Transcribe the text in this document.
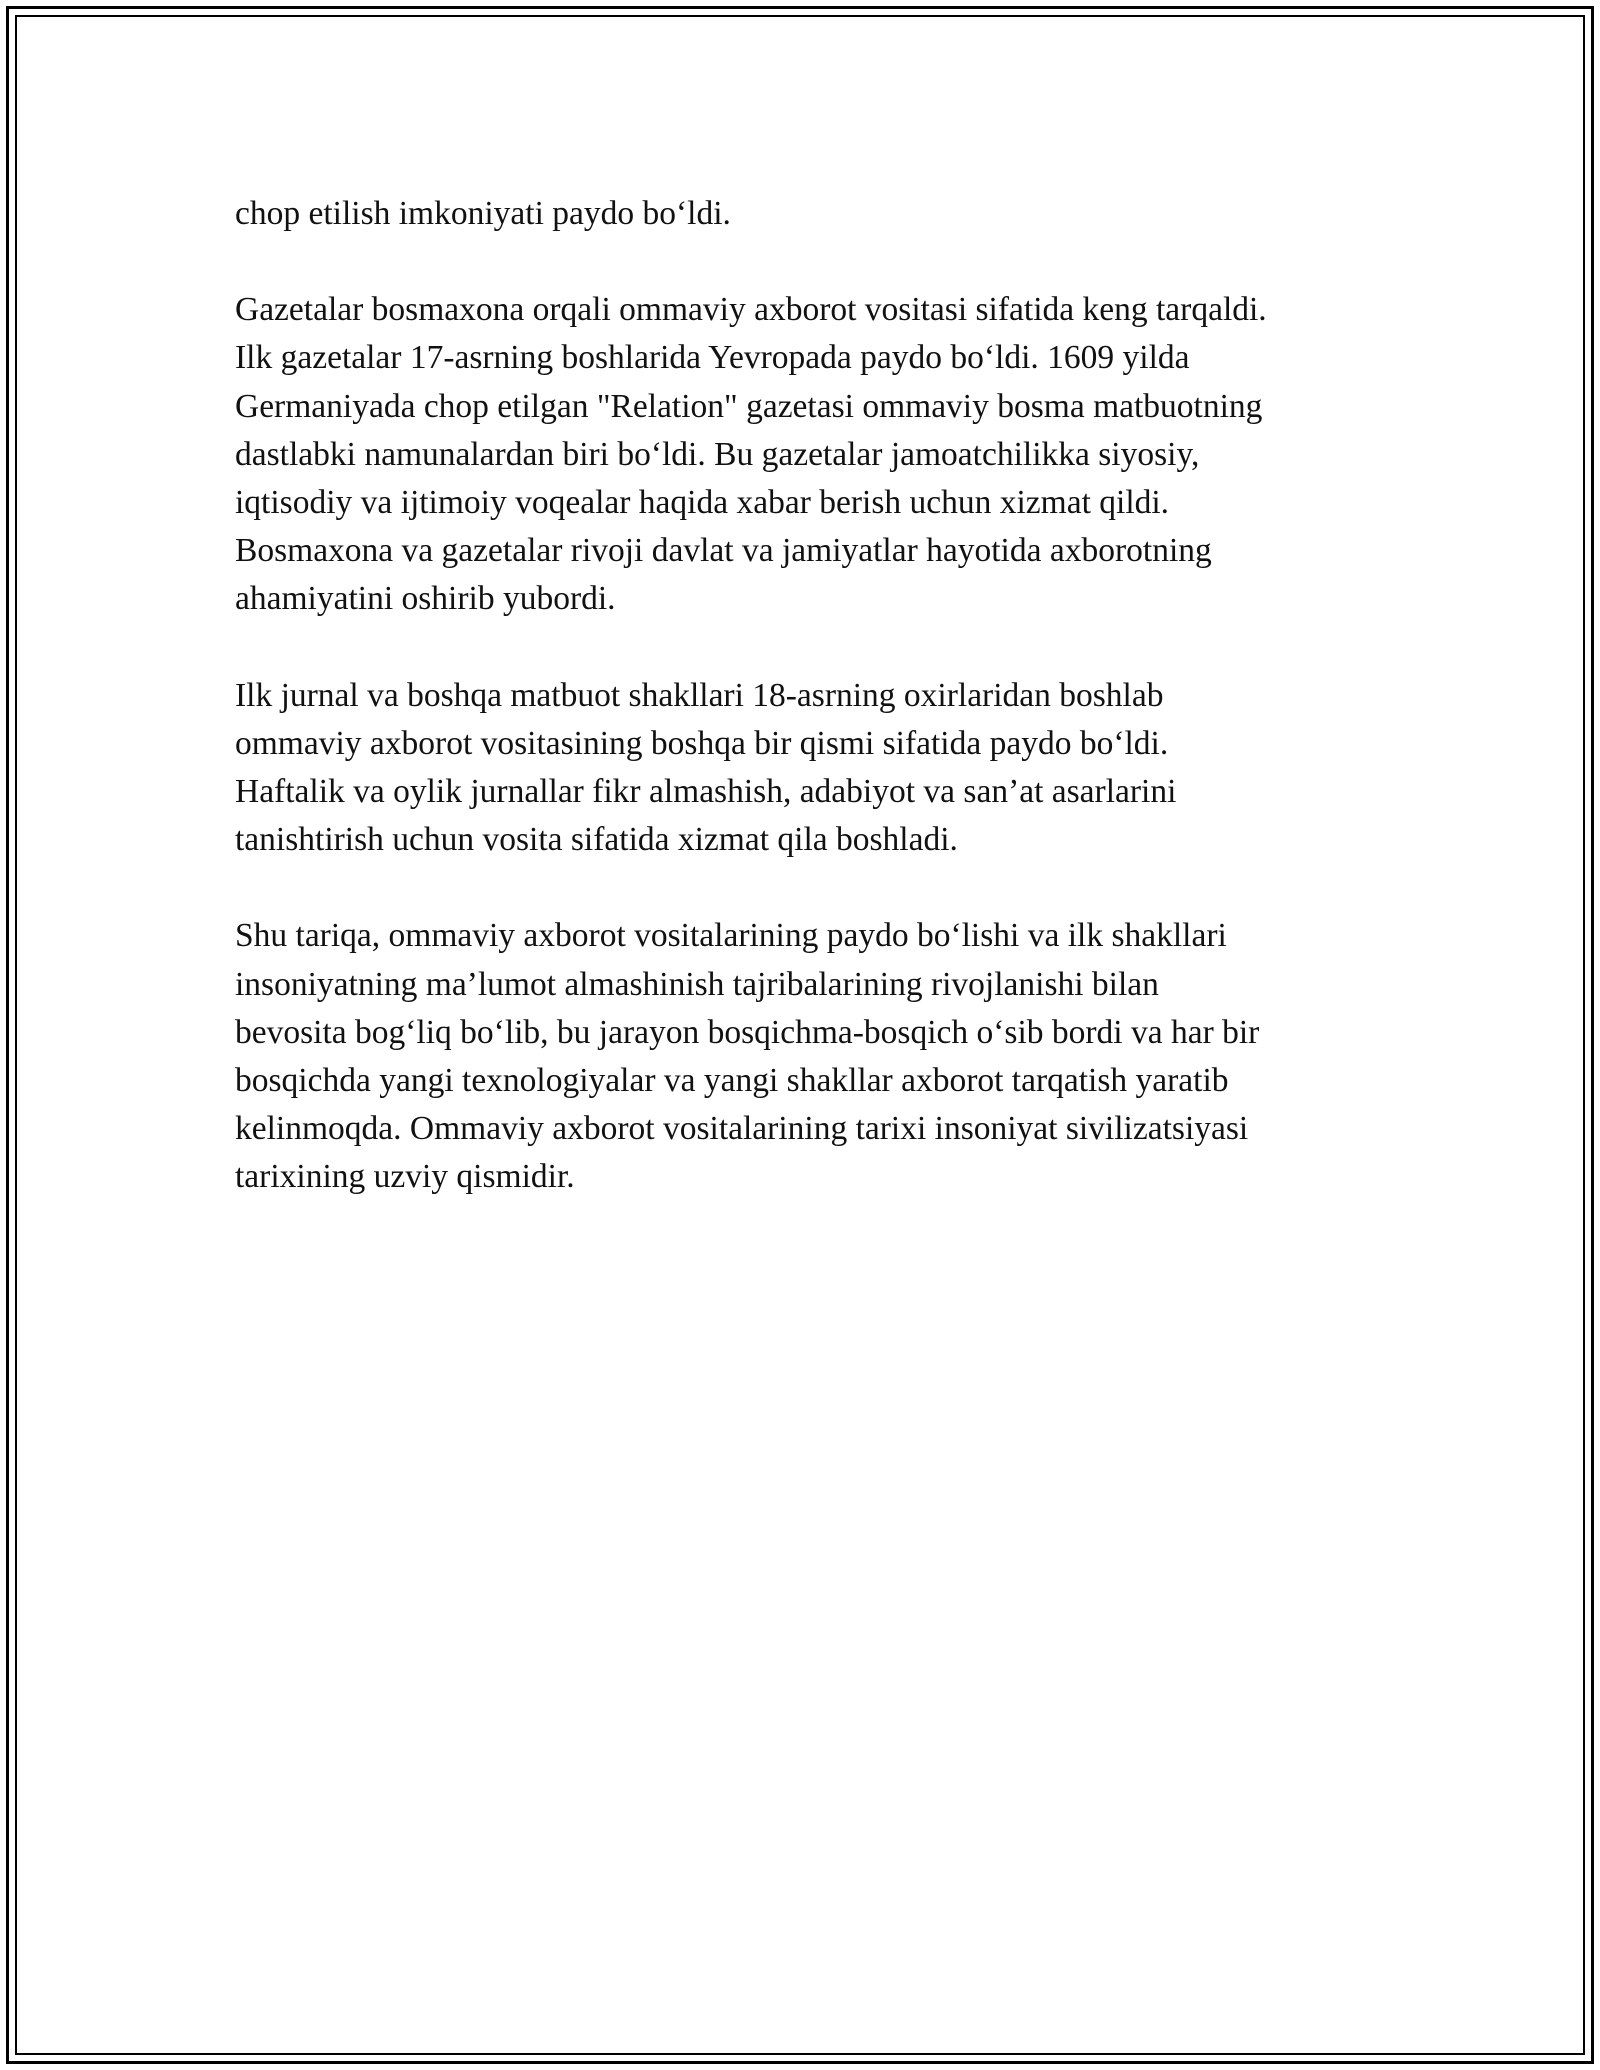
chop etilish imkoniyati paydo bo‘ldi.

Gazetalar bosmaxona orqali ommaviy axborot vositasi sifatida keng tarqaldi.
Ilk gazetalar 17-asrning boshlarida Yevropada paydo bo‘ldi. 1609 yilda
Germaniyada chop etilgan "Relation" gazetasi ommaviy bosma matbuotning
dastlabki namunalardan biri bo‘ldi. Bu gazetalar jamoatchilikka siyosiy,
iqtisodiy va ijtimoiy voqealar haqida xabar berish uchun xizmat qildi.
Bosmaxona va gazetalar rivoji davlat va jamiyatlar hayotida axborotning
ahamiyatini oshirib yubordi.

Ilk jurnal va boshqa matbuot shakllari 18-asrning oxirlaridan boshlab
ommaviy axborot vositasining boshqa bir qismi sifatida paydo bo‘ldi.
Haftalik va oylik jurnallar fikr almashish, adabiyot va san’at asarlarini
tanishtirish uchun vosita sifatida xizmat qila boshladi.

Shu tariqa, ommaviy axborot vositalarining paydo bo‘lishi va ilk shakllari
insoniyatning ma’lumot almashinish tajribalarining rivojlanishi bilan
bevosita bog‘liq bo‘lib, bu jarayon bosqichma-bosqich o‘sib bordi va har bir
bosqichda yangi texnologiyalar va yangi shakllar axborot tarqatish yaratib
kelinmoqda. Ommaviy axborot vositalarining tarixi insoniyat sivilizatsiyasi
tarixining uzviy qismidir.
